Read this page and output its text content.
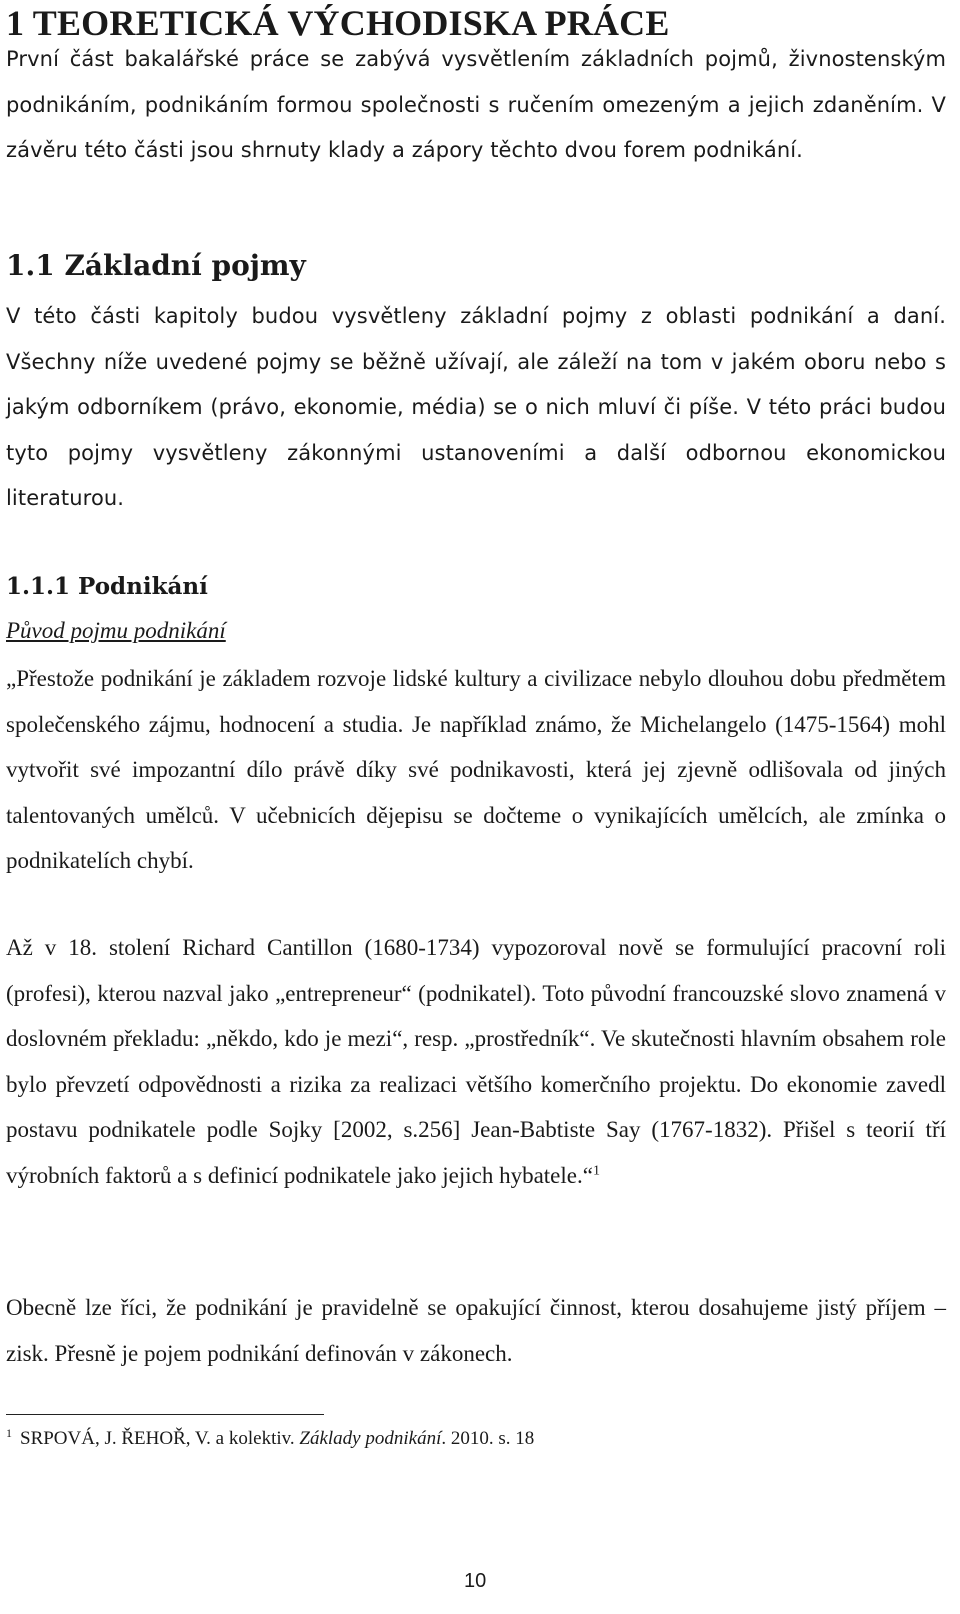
1 TEORETICKÁ VÝCHODISKA PRÁCE

První část bakalářské práce se zabývá vysvětlením základních pojmů, živnostenským podnikáním, podnikáním formou společnosti s ručením omezeným a jejich zdaněním. V závěru této části jsou shrnuty klady a zápory těchto dvou forem podnikání.

1.1 Základní pojmy

V této části kapitoly budou vysvětleny základní pojmy z oblasti podnikání a daní. Všechny níže uvedené pojmy se běžně užívají, ale záleží na tom v jakém oboru nebo s jakým odborníkem (právo, ekonomie, média) se o nich mluví či píše. V této práci budou tyto pojmy vysvětleny zákonnými ustanoveními a další odbornou ekonomickou literaturou.

1.1.1 Podnikání
Původ pojmu podnikání

„Přestože podnikání je základem rozvoje lidské kultury a civilizace nebylo dlouhou dobu předmětem společenského zájmu, hodnocení a studia. Je například známo, že Michelangelo (1475-1564) mohl vytvořit své impozantní dílo právě díky své podnikavosti, která jej zjevně odlišovala od jiných talentovaných umělců. V učebnicích dějepisu se dočteme o vynikajících umělcích, ale zmínka o podnikatelích chybí.

Až v 18. stolení Richard Cantillon (1680-1734) vypozoroval nově se formulující pracovní roli (profesi), kterou nazval jako „entrepreneur“ (podnikatel). Toto původní francouzské slovo znamená v doslovném překladu: „někdo, kdo je mezi“, resp. „prostředník“. Ve skutečnosti hlavním obsahem role bylo převzetí odpovědnosti a rizika za realizaci většího komerčního projektu. Do ekonomie zavedl postavu podnikatele podle Sojky [2002, s.256] Jean-Babtiste Say (1767-1832). Přišel s teorií tří výrobních faktorů a s definicí podnikatele jako jejich hybatele.“$^1$

Obecně lze říci, že podnikání je pravidelně se opakující činnost, kterou dosahujeme jistý příjem – zisk. Přesně je pojem podnikání definován v zákonech.

$^1$ SRPOVÁ, J. ŘEHOŘ, V. a kolektiv. Základy podnikání. 2010. s. 18
10
